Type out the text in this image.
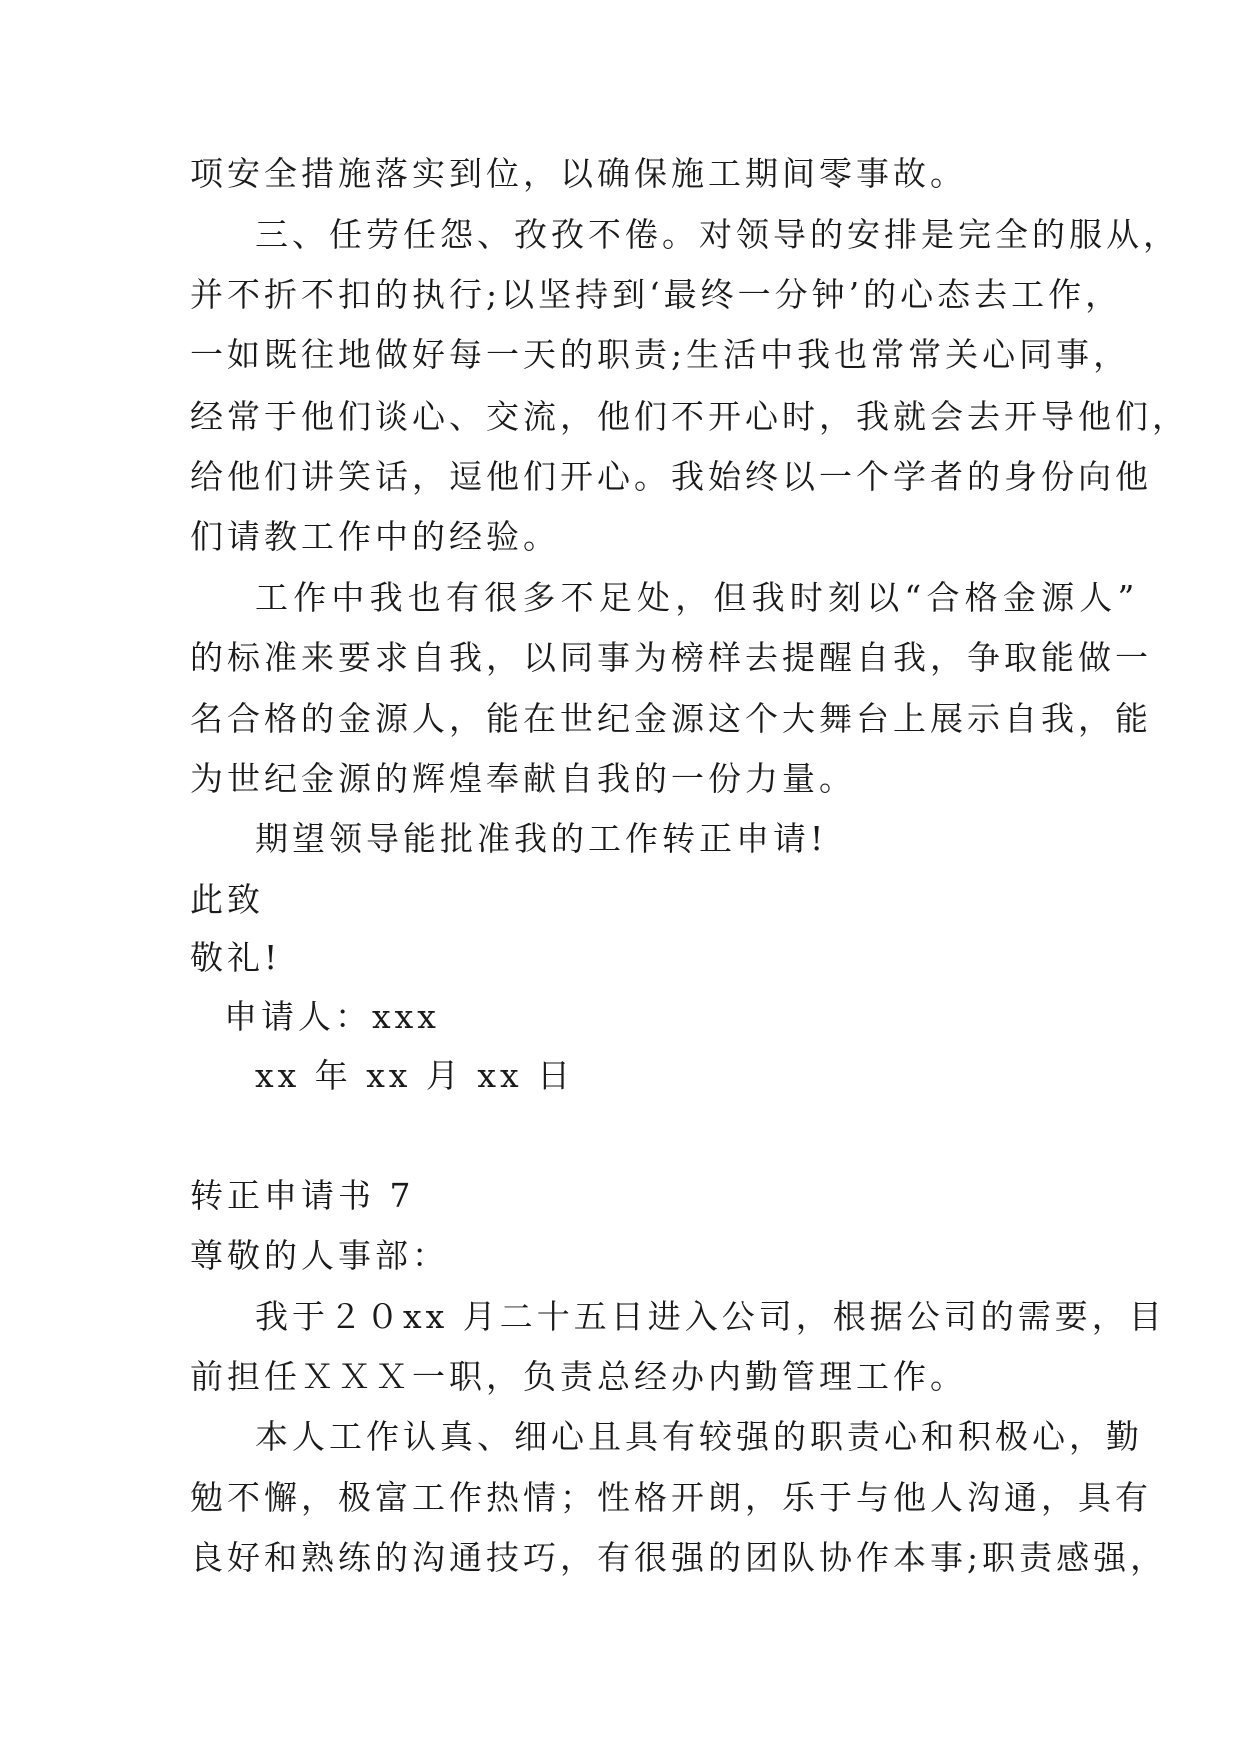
项安全措施落实到位，以确保施工期间零事故。
三、任劳任怨、孜孜不倦。对领导的安排是完全的服从，
并不折不扣的执行;以坚持到‘最终一分钟’的心态去工作，
一如既往地做好每一天的职责;生活中我也常常关心同事，
经常于他们谈心、交流，他们不开心时，我就会去开导他们，
给他们讲笑话，逗他们开心。我始终以一个学者的身份向他
们请教工作中的经验。
工作中我也有很多不足处，但我时刻以“合格金源人”
的标准来要求自我，以同事为榜样去提醒自我，争取能做一
名合格的金源人，能在世纪金源这个大舞台上展示自我，能
为世纪金源的辉煌奉献自我的一份力量。
期望领导能批准我的工作转正申请!
此致
敬礼!
申请人：xxx
xx 年 xx 月 xx 日
转正申请书 7
尊敬的人事部：
我于２０xx 月二十五日进入公司，根据公司的需要，目
前担任ＸＸＸ一职，负责总经办内勤管理工作。
本人工作认真、细心且具有较强的职责心和积极心，勤
勉不懈，极富工作热情；性格开朗，乐于与他人沟通，具有
良好和熟练的沟通技巧，有很强的团队协作本事;职责感强，
